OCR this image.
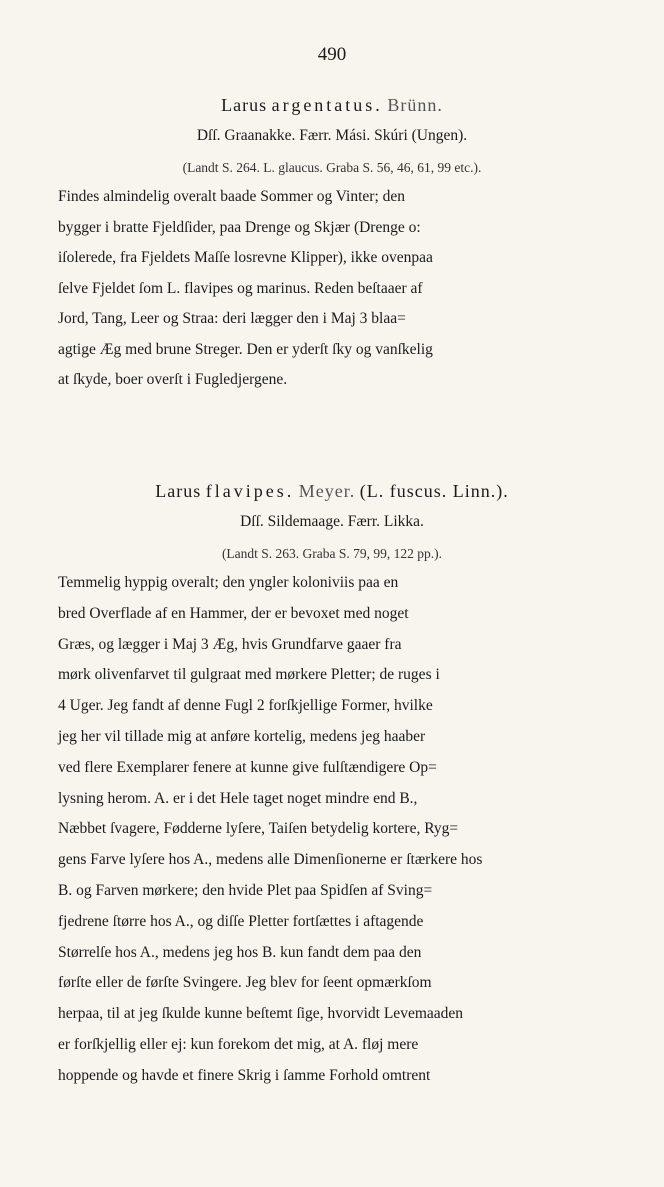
490
Larus argentatus. Brünn.
Dſſ. Graanakke. Færr. Mási. Skúri (Ungen).
(Landt S. 264. L. glaucus. Graba S. 56, 46, 61, 99 etc.).
Findes almindelig overalt baade Sommer og Vinter; den
bygger i bratte Fjeldſider, paa Drenge og Skjær (Drenge o:
iſolerede, fra Fjeldets Maſſe losrevne Klipper), ikke ovenpaa
ſelve Fjeldet ſom L. flavipes og marinus. Reden beſtaaer af
Jord, Tang, Leer og Straa: deri lægger den i Maj 3 blaa=
agtige Æg med brune Streger. Den er yderſt ſky og vanſkelig
at ſkyde, boer overſt i Fugledjergene.
Larus flavipes. Meyer. (L. fuscus. Linn.).
Dſſ. Sildemaage. Færr. Likka.
(Landt S. 263. Graba S. 79, 99, 122 pp.).
Temmelig hyppig overalt; den yngler koloniviis paa en
bred Overflade af en Hammer, der er bevoxet med noget
Græs, og lægger i Maj 3 Æg, hvis Grundfarve gaaer fra
mørk olivenfarvet til gulgraat med mørkere Pletter; de ruges i
4 Uger. Jeg fandt af denne Fugl 2 forſkjellige Former, hvilke
jeg her vil tillade mig at anføre kortelig, medens jeg haaber
ved flere Exemplarer fenere at kunne give fulſtændigere Op=
lysning herom. A. er i det Hele taget noget mindre end B.,
Næbbet ſvagere, Fødderne lyſere, Taiſen betydelig kortere, Ryg=
gens Farve lyſere hos A., medens alle Dimenſionerne er ſtærkere hos
B. og Farven mørkere; den hvide Plet paa Spidſen af Sving=
fjedrene ſtørre hos A., og diſſe Pletter fortſættes i aftagende
Størrelſe hos A., medens jeg hos B. kun fandt dem paa den
førſte eller de førſte Svingere. Jeg blev for ſeent opmærkſom
herpaa, til at jeg ſkulde kunne beſtemt ſige, hvorvidt Levemaaden
er forſkjellig eller ej: kun forekom det mig, at A. fløj mere
hoppende og havde et finere Skrig i ſamme Forhold omtrent
